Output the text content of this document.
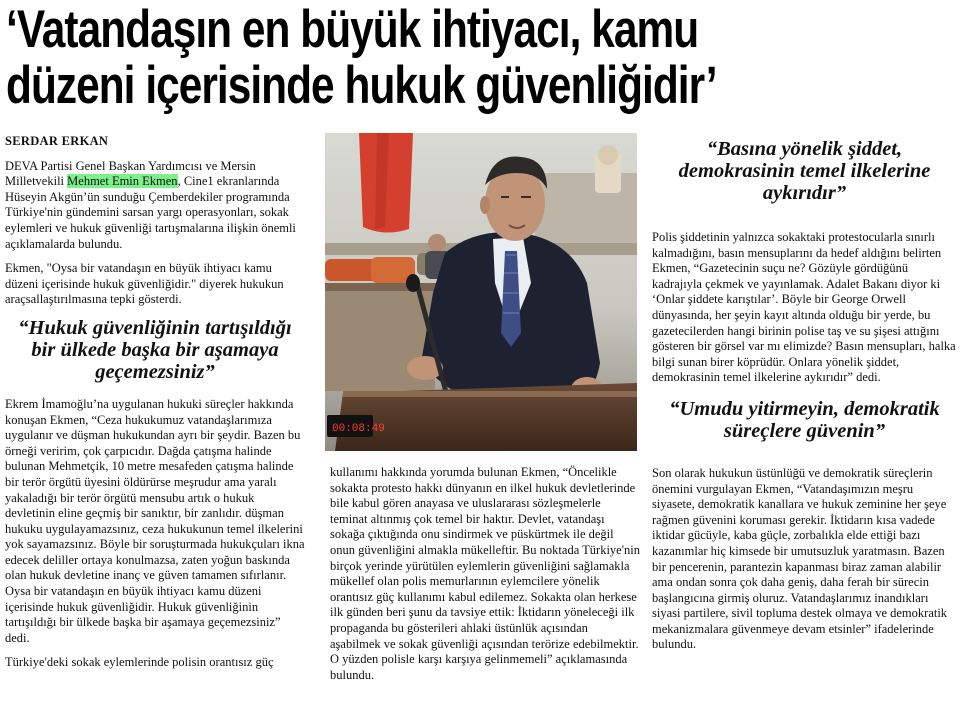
‘Vatandaşın en büyük ihtiyacı, kamu
düzeni içerisinde hukuk güvenliğidir’

SERDAR ERKAN

DEVA Partisi Genel Başkan Yardımcısı ve Mersin Milletvekili Mehmet Emin Ekmen, Cine1 ekranlarında Hüseyin Akgün’ün sunduğu Çemberdekiler programında Türkiye'nin gündemini sarsan yargı operasyonları, sokak eylemleri ve hukuk güvenliği tartışmalarına ilişkin önemli açıklamalarda bulundu.

Ekmen, "Oysa bir vatandaşın en büyük ihtiyacı kamu düzeni içerisinde hukuk güvenliğidir." diyerek hukukun araçsallaştırılmasına tepki gösterdi.

“Hukuk güvenliğinin tartışıldığı bir ülkede başka bir aşamaya geçemezsiniz”

Ekrem İmamoğlu’na uygulanan hukuki süreçler hakkında konuşan Ekmen, “Ceza hukukumuz vatandaşlarımıza uygulanır ve düşman hukukundan ayrı bir şeydir. Bazen bu örneği veririm, çok çarpıcıdır. Dağda çatışma halinde bulunan Mehmetçik, 10 metre mesafeden çatışma halinde bir terör örgütü üyesini öldürürse meşrudur ama yaralı yakaladığı bir terör örgütü mensubu artık o hukuk devletinin eline geçmiş bir sanıktır, bir zanlıdır. düşman hukuku uygulayamazsınız, ceza hukukunun temel ilkelerini yok sayamazsınız. Böyle bir soruşturmada hukukçuları ikna edecek deliller ortaya konulmazsa, zaten yoğun baskında olan hukuk devletine inanç ve güven tamamen sıfırlanır. Oysa bir vatandaşın en büyük ihtiyacı kamu düzeni içerisinde hukuk güvenliğidir. Hukuk güvenliğinin tartışıldığı bir ülkede başka bir aşamaya geçemezsiniz” dedi.

Türkiye'deki sokak eylemlerinde polisin orantısız güç

00:08:49

kullanımı hakkında yorumda bulunan Ekmen, “Öncelikle sokakta protesto hakkı dünyanın en ilkel hukuk devletlerinde bile kabul gören anayasa ve uluslararası sözleşmelerle teminat altınmış çok temel bir haktır. Devlet, vatandaşı sokağa çıktığında onu sindirmek ve püskürtmek ile değil onun güvenliğini almakla mükelleftir. Bu noktada Türkiye'nin birçok yerinde yürütülen eylemlerin güvenliğini sağlamakla mükellef olan polis memurlarının eylemcilere yönelik orantısız güç kullanımı kabul edilemez. Sokakta olan herkese ilk günden beri şunu da tavsiye ettik: İktidarın yöneleceği ilk propaganda bu gösterileri ahlaki üstünlük açısından aşabilmek ve sokak güvenliği açısından terörize edebilmektir. O yüzden polisle karşı karşıya gelinmemeli” açıklamasında bulundu.

“Basına yönelik şiddet, demokrasinin temel ilkelerine aykırıdır”

Polis şiddetinin yalnızca sokaktaki protestocularla sınırlı kalmadığını, basın mensuplarını da hedef aldığını belirten Ekmen, “Gazetecinin suçu ne? Gözüyle gördüğünü kadrajıyla çekmek ve yayınlamak. Adalet Bakanı diyor ki ‘Onlar şiddete karıştılar’. Böyle bir George Orwell dünyasında, her şeyin kayıt altında olduğu bir yerde, bu gazetecilerden hangi birinin polise taş ve su şişesi attığını gösteren bir görsel var mı elimizde? Basın mensupları, halka bilgi sunan birer köprüdür. Onlara yönelik şiddet, demokrasinin temel ilkelerine aykırıdır” dedi.

“Umudu yitirmeyin, demokratik süreçlere güvenin”

Son olarak hukukun üstünlüğü ve demokratik süreçlerin önemini vurgulayan Ekmen, “Vatandaşımızın meşru siyasete, demokratik kanallara ve hukuk zeminine her şeye rağmen güvenini koruması gerekir. İktidarın kısa vadede iktidar gücüyle, kaba güçle, zorbalıkla elde ettiği bazı kazanımlar hiç kimsede bir umutsuzluk yaratmasın. Bazen bir pencerenin, parantezin kapanması biraz zaman alabilir ama ondan sonra çok daha geniş, daha ferah bir sürecin başlangıcına girmiş oluruz. Vatandaşlarımız inandıkları siyasi partilere, sivil topluma destek olmaya ve demokratik mekanizmalara güvenmeye devam etsinler” ifadelerinde bulundu.
